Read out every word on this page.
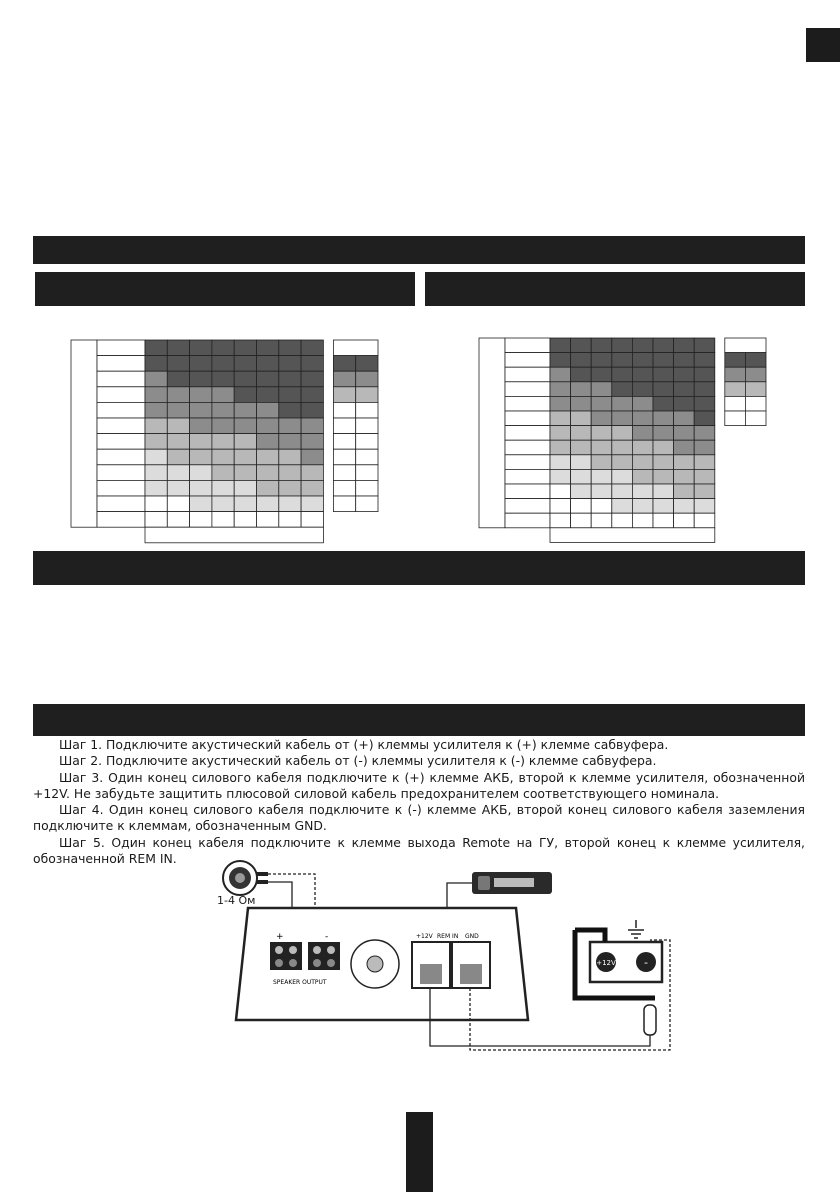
Шаг 1. Подключите акустический кабель от (+) клеммы усилителя к (+) клемме сабвуфера.

Шаг 2. Подключите акустический кабель от (-) клеммы усилителя к (-) клемме сабвуфера.

Шаг 3. Один конец силового кабеля подключите к (+) клемме АКБ, второй к клемме усилителя, обозначенной +12V. Не забудьте защитить плюсовой силовой кабель предохранителем соответствующего номинала.

Шаг 4. Один конец силового кабеля подключите к (-) клемме АКБ, второй конец силового кабеля заземления подключите к клеммам, обозначенным GND.

Шаг 5. Один конец кабеля подключите к клемме выхода Remote на ГУ, второй конец к клемме усилителя, обозначенной REM IN.

+	-
SPEAKER OUTPUT
+12V REM IN GND
+12V	-
1-4 Ом
